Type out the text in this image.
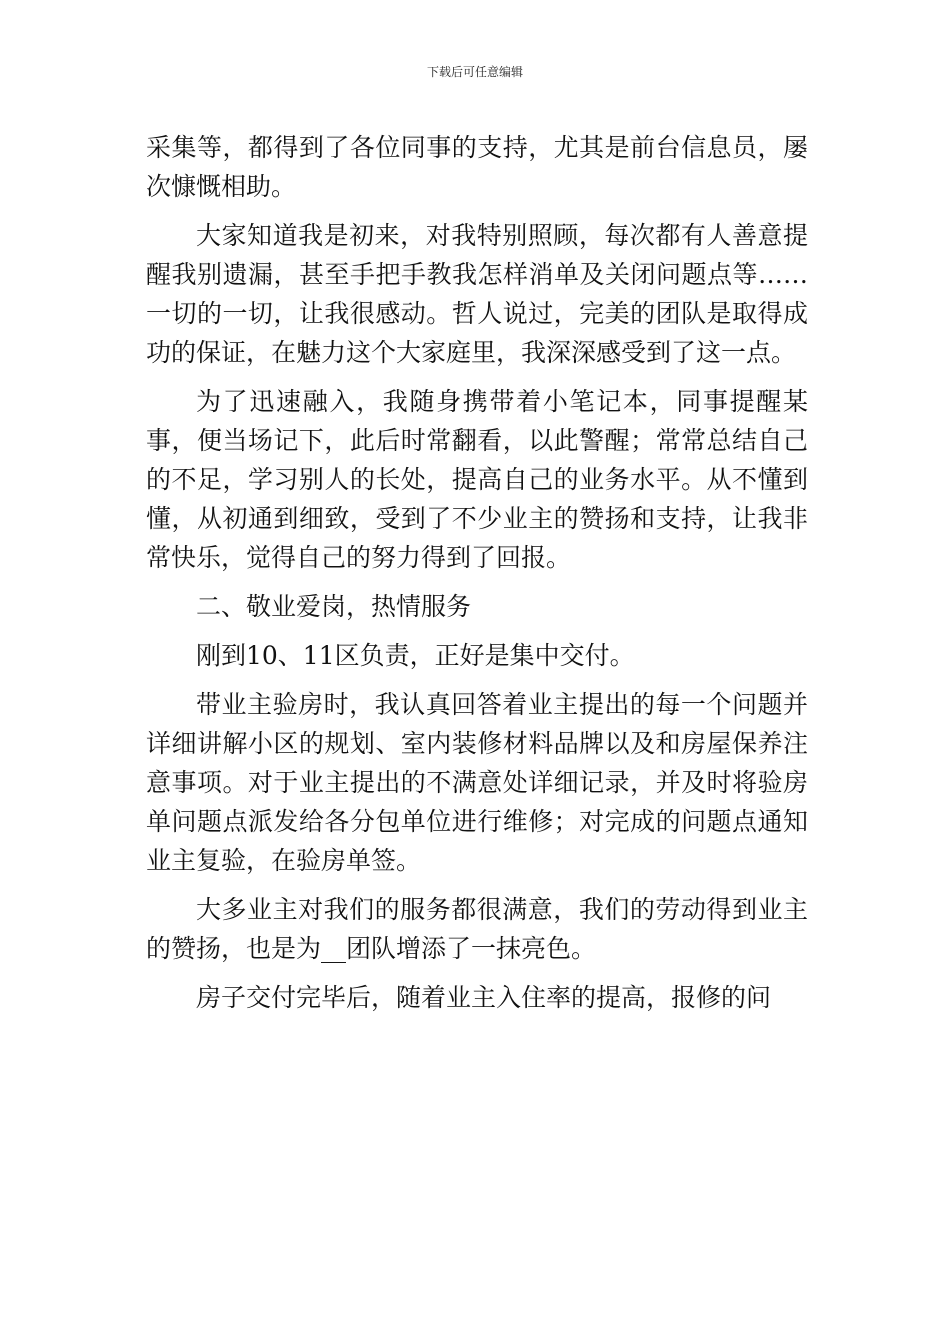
下载后可任意编辑

采集等，都得到了各位同事的支持，尤其是前台信息员，屡次慷慨相助。

大家知道我是初来，对我特别照顾，每次都有人善意提醒我别遗漏，甚至手把手教我怎样消单及关闭问题点等……一切的一切，让我很感动。哲人说过，完美的团队是取得成功的保证，在魅力这个大家庭里，我深深感受到了这一点。

为了迅速融入，我随身携带着小笔记本，同事提醒某事，便当场记下，此后时常翻看，以此警醒；常常总结自己的不足，学习别人的长处，提高自己的业务水平。从不懂到懂，从初通到细致，受到了不少业主的赞扬和支持，让我非常快乐，觉得自己的努力得到了回报。

二、敬业爱岗，热情服务

刚到10、11区负责，正好是集中交付。

带业主验房时，我认真回答着业主提出的每一个问题并详细讲解小区的规划、室内装修材料品牌以及和房屋保养注意事项。对于业主提出的不满意处详细记录，并及时将验房单问题点派发给各分包单位进行维修；对完成的问题点通知业主复验，在验房单签。

大多业主对我们的服务都很满意，我们的劳动得到业主的赞扬，也是为__团队增添了一抹亮色。

房子交付完毕后，随着业主入住率的提高，报修的问
